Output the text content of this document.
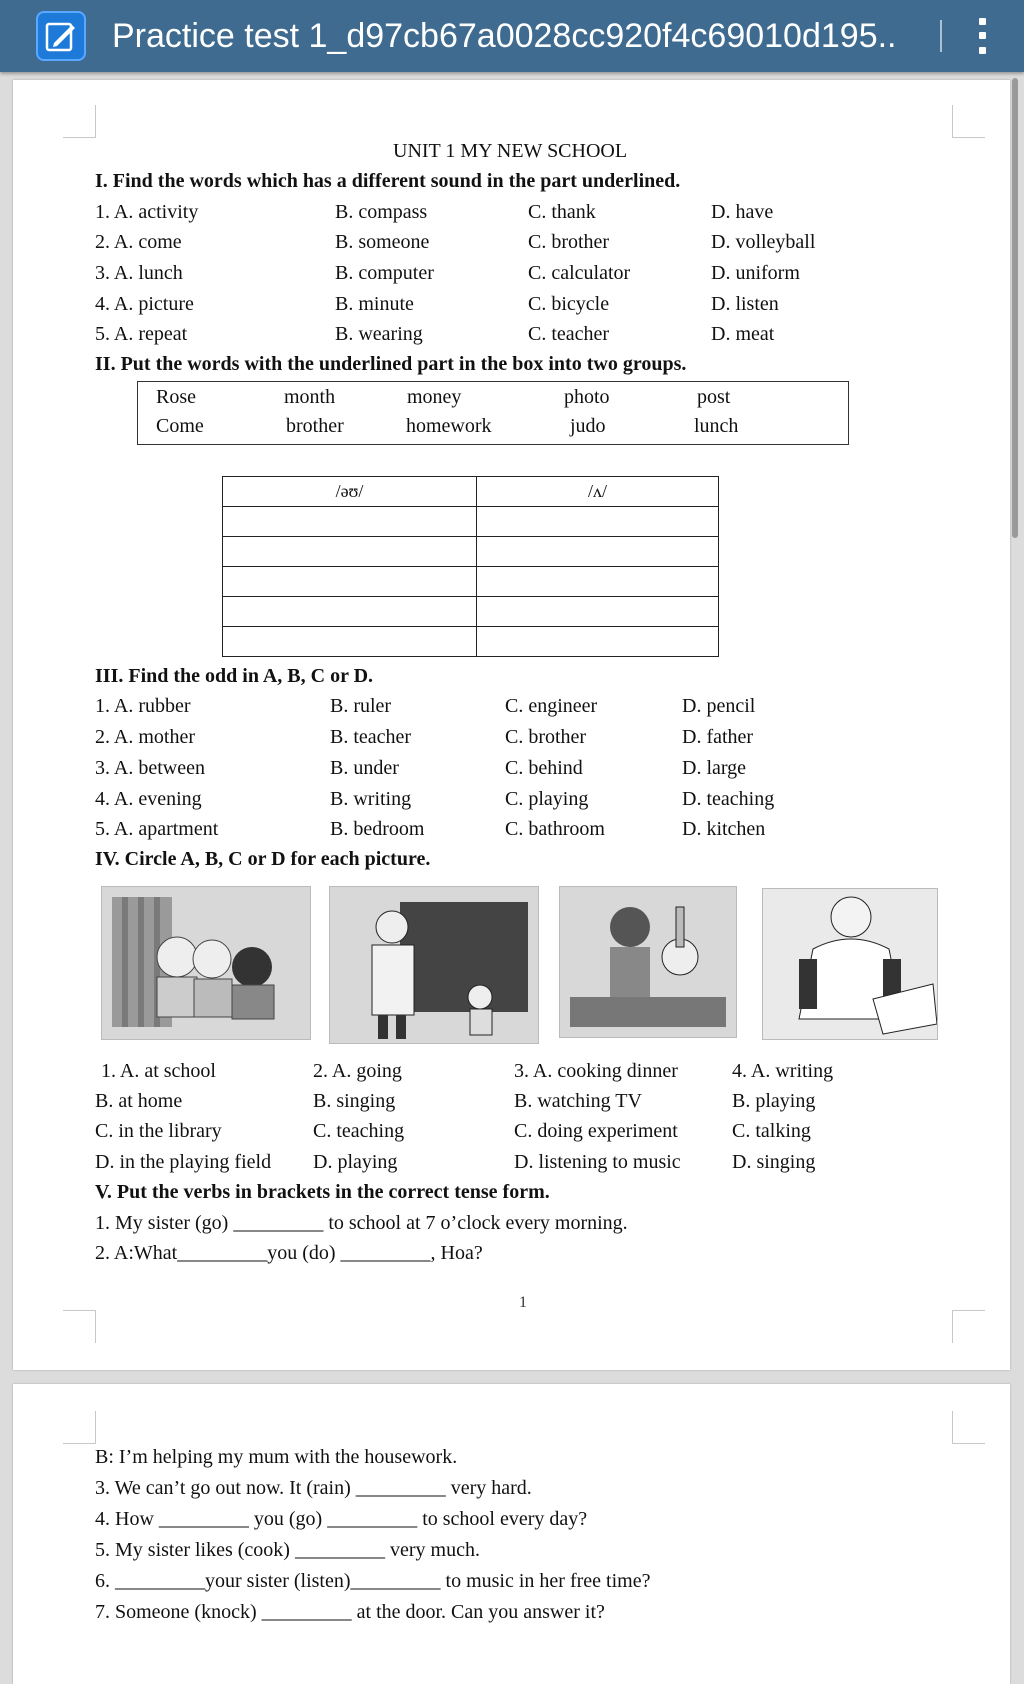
Practice test 1_d97cb67a0028cc920f4c69010d195..
UNIT 1 MY NEW SCHOOL
I. Find the words which has a different sound in the part underlined.
1. A. activity	B. compass	C. thank	D. have
2. A. come	B. someone	C. brother	D. volleyball
3. A. lunch	B. computer	C. calculator	D. uniform
4. A. picture	B. minute	C. bicycle	D. listen
5. A. repeat	B. wearing	C. teacher	D. meat
II. Put the words with the underlined part in the box into two groups.
Rose	month	money	photo	post
Come	brother	homework	judo	lunch
/əʊ/	/ʌ/

III. Find the odd in A, B, C or D.
1. A. rubber	B. ruler	C. engineer	D. pencil
2. A. mother	B. teacher	C. brother	D. father
3. A. between	B. under	C. behind	D. large
4. A. evening	B. writing	C. playing	D. teaching
5. A. apartment	B. bedroom	C. bathroom	D. kitchen
IV. Circle A, B, C or D for each picture.
1. A. at school	2. A. going	3. A. cooking dinner	4. A. writing
B. at home	B. singing	B. watching TV	B. playing
C. in the library	C. teaching	C. doing experiment	C. talking
D. in the playing field D. playing	D. listening to music	D. singing
V. Put the verbs in brackets in the correct tense form.
1. My sister (go) _________ to school at 7 o’clock every morning.
2. A:What_________you (do) _________, Hoa?
1
B: I’m helping my mum with the housework.
3. We can’t go out now. It (rain) _________ very hard.
4. How _________ you (go) _________ to school every day?
5. My sister likes (cook) _________ very much.
6. _________your sister (listen)_________ to music in her free time?
7. Someone (knock) _________ at the door. Can you answer it?
